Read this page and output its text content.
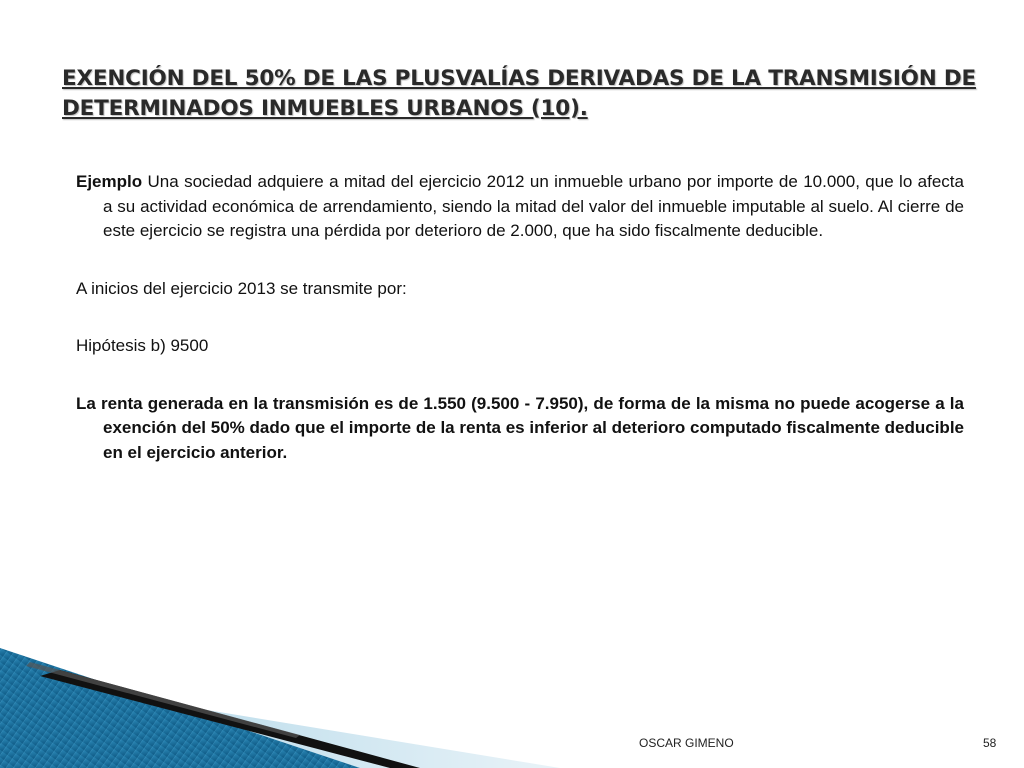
EXENCIÓN DEL 50% DE LAS PLUSVALÍAS DERIVADAS DE LA TRANSMISIÓN DE DETERMINADOS INMUEBLES URBANOS (10).

Ejemplo Una sociedad adquiere a mitad del ejercicio 2012 un inmueble urbano por importe de 10.000, que lo afecta a su actividad económica de arrendamiento, siendo la mitad del valor del inmueble imputable al suelo. Al cierre de este ejercicio se registra una pérdida por deterioro de 2.000, que ha sido fiscalmente deducible.

A inicios del ejercicio 2013 se transmite por:

Hipótesis b) 9500

La renta generada en la transmisión es de 1.550 (9.500 - 7.950), de forma de la misma no puede acogerse a la exención del 50% dado que el importe de la renta es inferior al deterioro computado fiscalmente deducible en el ejercicio anterior.

OSCAR GIMENO	58
